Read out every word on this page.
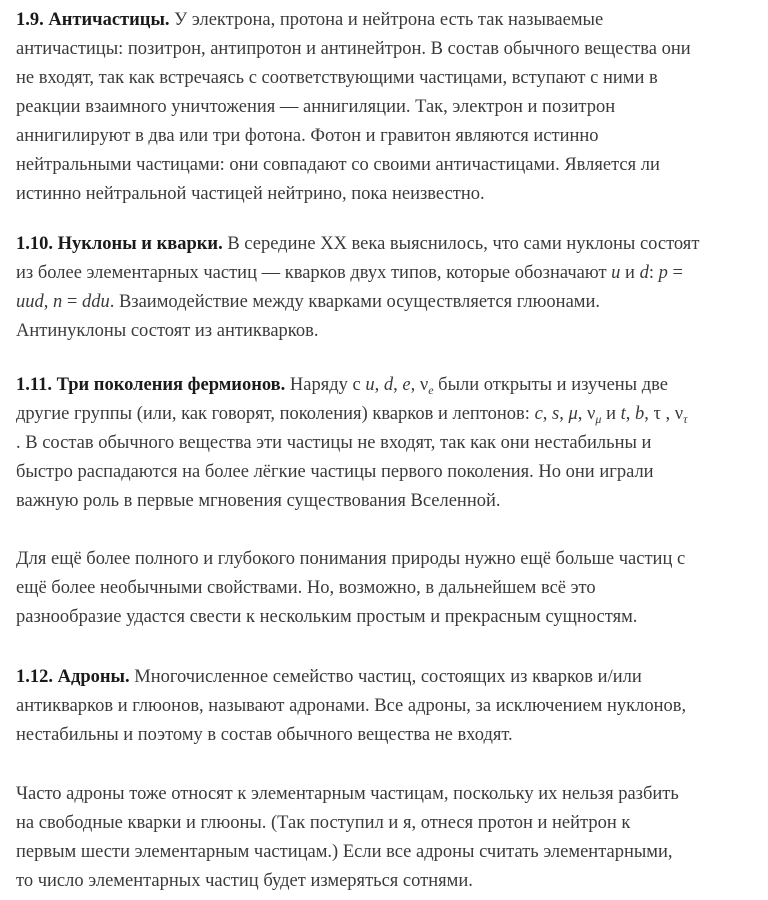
1.9. Античастицы. У электрона, протона и нейтрона есть так называемые
античастицы: позитрон, антипротон и антинейтрон. В состав обычного вещества они
не входят, так как встречаясь с соответствующими частицами, вступают с ними в
реакции взаимного уничтожения — аннигиляции. Так, электрон и позитрон
аннигилируют в два или три фотона. Фотон и гравитон являются истинно
нейтральными частицами: они совпадают со своими античастицами. Является ли
истинно нейтральной частицей нейтрино, пока неизвестно.
1.10. Нуклоны и кварки. В середине XX века выяснилось, что сами нуклоны состоят
из более элементарных частиц — кварков двух типов, которые обозначают u и d: p =
uud, n = ddu. Взаимодействие между кварками осуществляется глюонами.
Антинуклоны состоят из антикварков.
1.11. Три поколения фермионов. Наряду с u, d, e, $\nu_e$ были открыты и изучены две
другие группы (или, как говорят, поколения) кварков и лептонов: c, s, μ, $\nu_\mu$ и t, b, τ , $\nu_\tau$
. В состав обычного вещества эти частицы не входят, так как они нестабильны и
быстро распадаются на более лёгкие частицы первого поколения. Но они играли
важную роль в первые мгновения существования Вселенной.
Для ещё более полного и глубокого понимания природы нужно ещё больше частиц с
ещё более необычными свойствами. Но, возможно, в дальнейшем всё это
разнообразие удастся свести к нескольким простым и прекрасным сущностям.
1.12. Адроны. Многочисленное семейство частиц, состоящих из кварков и/или
антикварков и глюонов, называют адронами. Все адроны, за исключением нуклонов,
нестабильны и поэтому в состав обычного вещества не входят.
Часто адроны тоже относят к элементарным частицам, поскольку их нельзя разбить
на свободные кварки и глюоны. (Так поступил и я, отнеся протон и нейтрон к
первым шести элементарным частицам.) Если все адроны считать элементарными,
то число элементарных частиц будет измеряться сотнями.
